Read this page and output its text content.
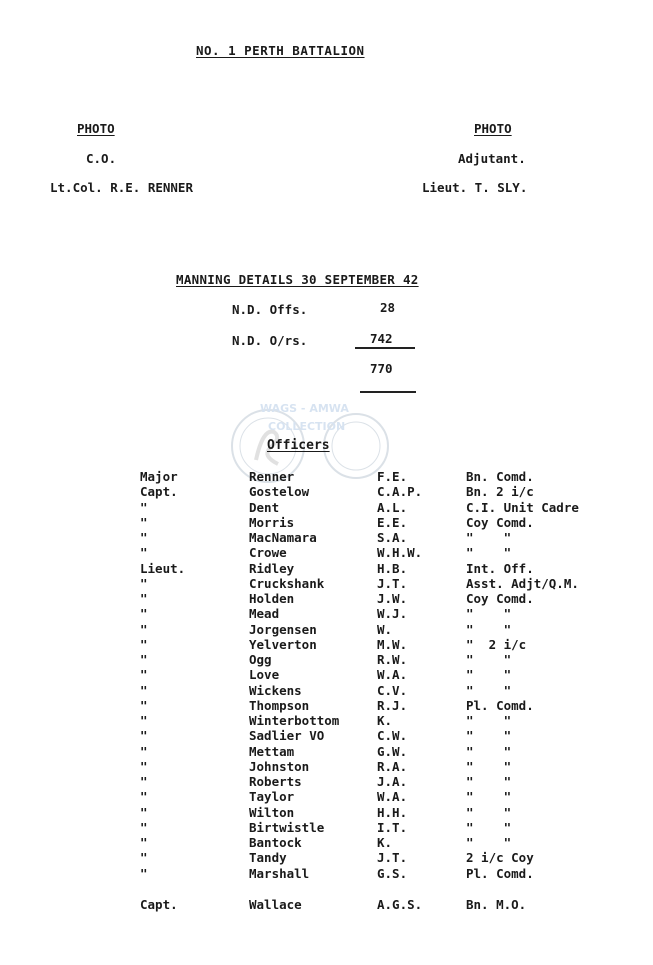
NO. 1 PERTH BATTALION
PHOTO	PHOTO
C.O.	Adjutant.
Lt.Col. R.E. RENNER	Lieut. T. SLY.
MANNING DETAILS 30 SEPTEMBER 42
N.D. Offs.	28
N.D. O/rs.	742
770
WAGS - AMWA
COLLECTION
Officers
Major	Renner	F.E.	Bn. Comd.
Capt.	Gostelow	C.A.P.	Bn. 2 i/c
"	Dent	A.L.	C.I. Unit Cadre
"	Morris	E.E.	Coy Comd.
"	MacNamara	S.A.	"    "
"	Crowe	W.H.W.	"    "
Lieut.	Ridley	H.B.	Int. Off.
"	Cruckshank	J.T.	Asst. Adjt/Q.M.
"	Holden	J.W.	Coy Comd.
"	Mead	W.J.	"    "
"	Jorgensen	W.	"    "
"	Yelverton	M.W.	"  2 i/c
"	Ogg	R.W.	"    "
"	Love	W.A.	"    "
"	Wickens	C.V.	"    "
"	Thompson	R.J.	Pl. Comd.
"	Winterbottom	K.	"    "
"	Sadlier VO	C.W.	"    "
"	Mettam	G.W.	"    "
"	Johnston	R.A.	"    "
"	Roberts	J.A.	"    "
"	Taylor	W.A.	"    "
"	Wilton	H.H.	"    "
"	Birtwistle	I.T.	"    "
"	Bantock	K.	"    "
"	Tandy	J.T.	2 i/c Coy
"	Marshall	G.S.	Pl. Comd.
Capt.	Wallace	A.G.S.	Bn. M.O.
